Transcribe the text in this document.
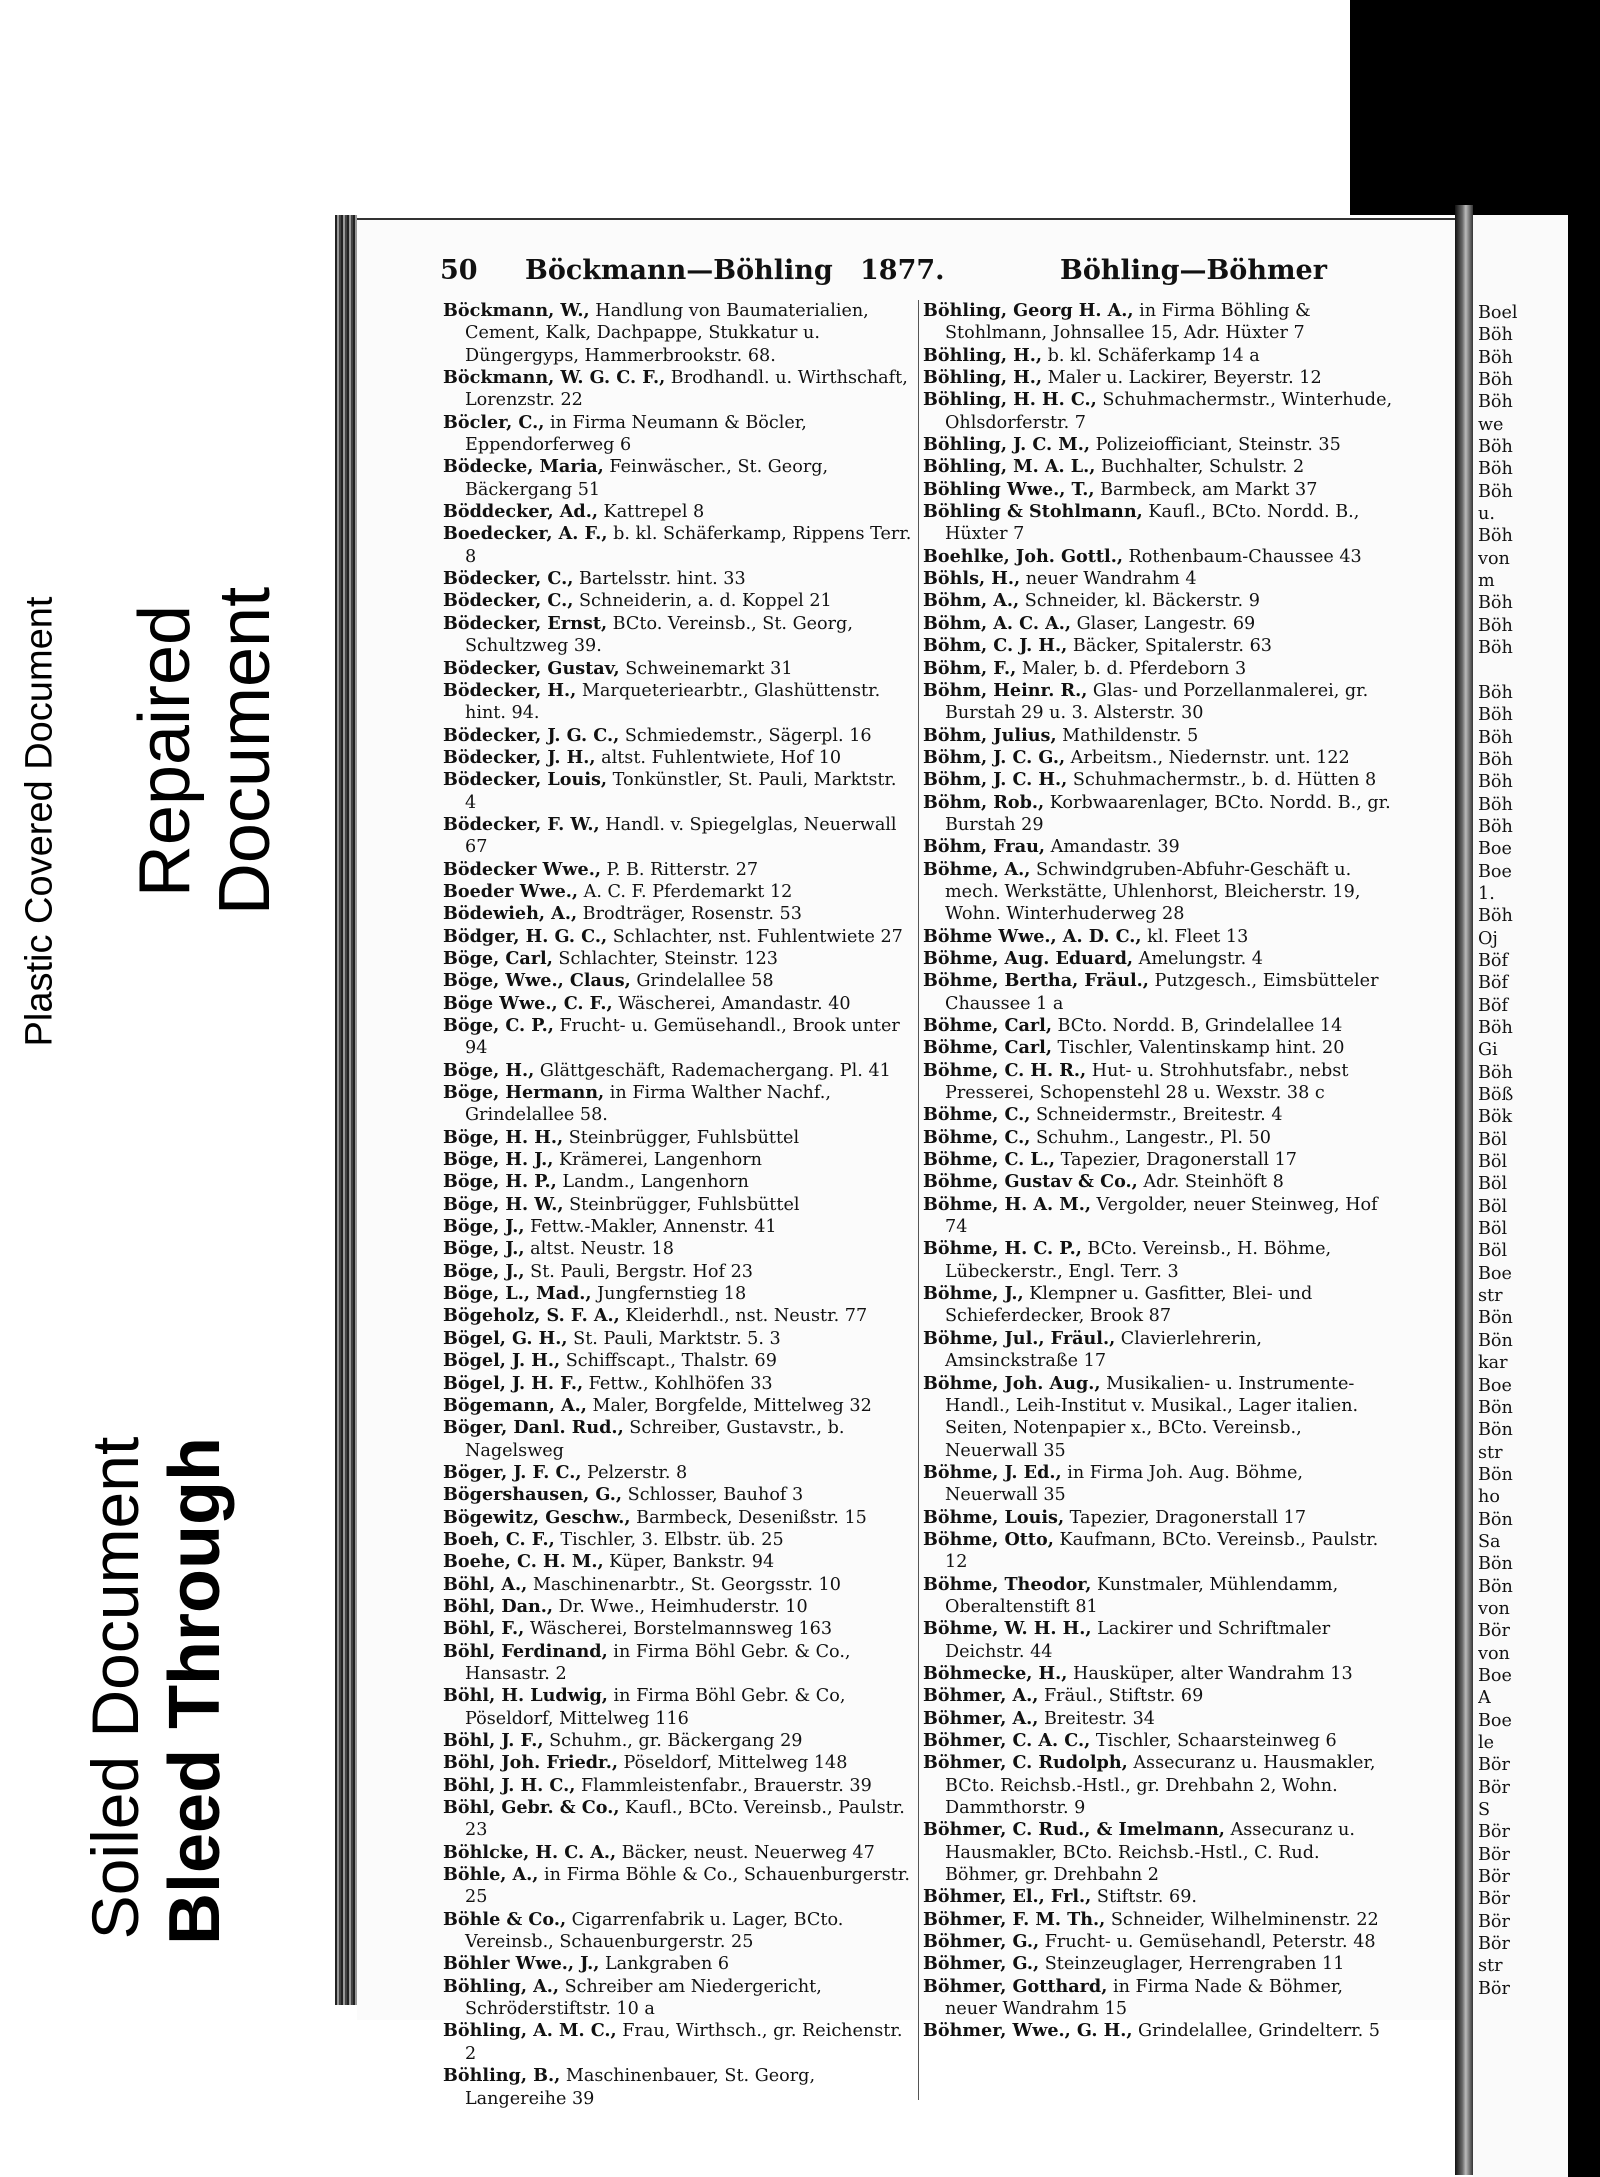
Plastic Covered Document Repaired Document
Soiled Document Bleed Through
50 Böckmann—Böhling 1877.	Böhling—Böhmer

Böckmann, W., Handlung von Baumaterialien, Cement, Kalk, Dachpappe, Stukkatur u. Düngergyps, Hammerbrookstr. 68.

Böckmann, W. G. C. F., Brodhandl. u. Wirthschaft, Lorenzstr. 22

Böcler, C., in Firma Neumann & Böcler, Eppendorferweg 6

Bödecke, Maria, Feinwäscher., St. Georg, Bäckergang 51

Böddecker, Ad., Kattrepel 8

Boedecker, A. F., b. kl. Schäferkamp, Rippens Terr. 8

Bödecker, C., Bartelsstr. hint. 33

Bödecker, C., Schneiderin, a. d. Koppel 21

Bödecker, Ernst, BCto. Vereinsb., St. Georg, Schultzweg 39.

Bödecker, Gustav, Schweinemarkt 31

Bödecker, H., Marqueteriearbtr., Glashüttenstr. hint. 94.

Bödecker, J. G. C., Schmiedemstr., Sägerpl. 16

Bödecker, J. H., altst. Fuhlentwiete, Hof 10

Bödecker, Louis, Tonkünstler, St. Pauli, Marktstr. 4

Bödecker, F. W., Handl. v. Spiegelglas, Neuerwall 67

Bödecker Wwe., P. B. Ritterstr. 27

Boeder Wwe., A. C. F. Pferdemarkt 12

Bödewieh, A., Brodträger, Rosenstr. 53

Bödger, H. G. C., Schlachter, nst. Fuhlentwiete 27

Böge, Carl, Schlachter, Steinstr. 123

Böge, Wwe., Claus, Grindelallee 58

Böge Wwe., C. F., Wäscherei, Amandastr. 40

Böge, C. P., Frucht- u. Gemüsehandl., Brook unter 94

Böge, H., Glättgeschäft, Rademachergang. Pl. 41

Böge, Hermann, in Firma Walther Nachf., Grindelallee 58.

Böge, H. H., Steinbrügger, Fuhlsbüttel

Böge, H. J., Krämerei, Langenhorn

Böge, H. P., Landm., Langenhorn

Böge, H. W., Steinbrügger, Fuhlsbüttel

Böge, J., Fettw.-Makler, Annenstr. 41

Böge, J., altst. Neustr. 18

Böge, J., St. Pauli, Bergstr. Hof 23

Böge, L., Mad., Jungfernstieg 18

Bögeholz, S. F. A., Kleiderhdl., nst. Neustr. 77

Bögel, G. H., St. Pauli, Marktstr. 5. 3

Bögel, J. H., Schiffscapt., Thalstr. 69

Bögel, J. H. F., Fettw., Kohlhöfen 33

Bögemann, A., Maler, Borgfelde, Mittelweg 32

Böger, Danl. Rud., Schreiber, Gustavstr., b. Nagelsweg

Böger, J. F. C., Pelzerstr. 8

Bögershausen, G., Schlosser, Bauhof 3

Bögewitz, Geschw., Barmbeck, Desenißstr. 15

Boeh, C. F., Tischler, 3. Elbstr. üb. 25

Boehe, C. H. M., Küper, Bankstr. 94

Böhl, A., Maschinenarbtr., St. Georgsstr. 10

Böhl, Dan., Dr. Wwe., Heimhuderstr. 10

Böhl, F., Wäscherei, Borstelmannsweg 163

Böhl, Ferdinand, in Firma Böhl Gebr. & Co., Hansastr. 2

Böhl, H. Ludwig, in Firma Böhl Gebr. & Co, Pöseldorf, Mittelweg 116

Böhl, J. F., Schuhm., gr. Bäckergang 29

Böhl, Joh. Friedr., Pöseldorf, Mittelweg 148

Böhl, J. H. C., Flammleistenfabr., Brauerstr. 39

Böhl, Gebr. & Co., Kaufl., BCto. Vereinsb., Paulstr. 23

Böhlcke, H. C. A., Bäcker, neust. Neuerweg 47

Böhle, A., in Firma Böhle & Co., Schauenburgerstr. 25

Böhle & Co., Cigarrenfabrik u. Lager, BCto. Vereinsb., Schauenburgerstr. 25

Böhler Wwe., J., Lankgraben 6

Böhling, A., Schreiber am Niedergericht, Schröderstiftstr. 10 a

Böhling, A. M. C., Frau, Wirthsch., gr. Reichenstr. 2

Böhling, B., Maschinenbauer, St. Georg, Langereihe 39

Böhling, Georg H. A., in Firma Böhling & Stohlmann, Johnsallee 15, Adr. Hüxter 7

Böhling, H., b. kl. Schäferkamp 14 a

Böhling, H., Maler u. Lackirer, Beyerstr. 12

Böhling, H. H. C., Schuhmachermstr., Winterhude, Ohlsdorferstr. 7

Böhling, J. C. M., Polizeiofficiant, Steinstr. 35

Böhling, M. A. L., Buchhalter, Schulstr. 2

Böhling Wwe., T., Barmbeck, am Markt 37

Böhling & Stohlmann, Kaufl., BCto. Nordd. B., Hüxter 7

Boehlke, Joh. Gottl., Rothenbaum-Chaussee 43

Böhls, H., neuer Wandrahm 4

Böhm, A., Schneider, kl. Bäckerstr. 9

Böhm, A. C. A., Glaser, Langestr. 69

Böhm, C. J. H., Bäcker, Spitalerstr. 63

Böhm, F., Maler, b. d. Pferdeborn 3

Böhm, Heinr. R., Glas- und Porzellanmalerei, gr. Burstah 29 u. 3. Alsterstr. 30

Böhm, Julius, Mathildenstr. 5

Böhm, J. C. G., Arbeitsm., Niedernstr. unt. 122

Böhm, J. C. H., Schuhmachermstr., b. d. Hütten 8

Böhm, Rob., Korbwaarenlager, BCto. Nordd. B., gr. Burstah 29

Böhm, Frau, Amandastr. 39

Böhme, A., Schwindgruben-Abfuhr-Geschäft u. mech. Werkstätte, Uhlenhorst, Bleicherstr. 19, Wohn. Winterhuderweg 28

Böhme Wwe., A. D. C., kl. Fleet 13

Böhme, Aug. Eduard, Amelungstr. 4

Böhme, Bertha, Fräul., Putzgesch., Eimsbütteler Chaussee 1 a

Böhme, Carl, BCto. Nordd. B, Grindelallee 14

Böhme, Carl, Tischler, Valentinskamp hint. 20

Böhme, C. H. R., Hut- u. Strohhutsfabr., nebst Presserei, Schopenstehl 28 u. Wexstr. 38 c

Böhme, C., Schneidermstr., Breitestr. 4

Böhme, C., Schuhm., Langestr., Pl. 50

Böhme, C. L., Tapezier, Dragonerstall 17

Böhme, Gustav & Co., Adr. Steinhöft 8

Böhme, H. A. M., Vergolder, neuer Steinweg, Hof 74

Böhme, H. C. P., BCto. Vereinsb., H. Böhme, Lübeckerstr., Engl. Terr. 3

Böhme, J., Klempner u. Gasfitter, Blei- und Schieferdecker, Brook 87

Böhme, Jul., Fräul., Clavierlehrerin, Amsinckstraße 17

Böhme, Joh. Aug., Musikalien- u. Instrumente-Handl., Leih-Institut v. Musikal., Lager italien. Seiten, Notenpapier x., BCto. Vereinsb., Neuerwall 35

Böhme, J. Ed., in Firma Joh. Aug. Böhme, Neuerwall 35

Böhme, Louis, Tapezier, Dragonerstall 17

Böhme, Otto, Kaufmann, BCto. Vereinsb., Paulstr. 12

Böhme, Theodor, Kunstmaler, Mühlendamm, Oberaltenstift 81

Böhme, W. H. H., Lackirer und Schriftmaler Deichstr. 44

Böhmecke, H., Hausküper, alter Wandrahm 13

Böhmer, A., Fräul., Stiftstr. 69

Böhmer, A., Breitestr. 34

Böhmer, C. A. C., Tischler, Schaarsteinweg 6

Böhmer, C. Rudolph, Assecuranz u. Hausmakler, BCto. Reichsb.-Hstl., gr. Drehbahn 2, Wohn. Dammthorstr. 9

Böhmer, C. Rud., & Imelmann, Assecuranz u. Hausmakler, BCto. Reichsb.-Hstl., C. Rud. Böhmer, gr. Drehbahn 2

Böhmer, El., Frl., Stiftstr. 69.

Böhmer, F. M. Th., Schneider, Wilhelminenstr. 22

Böhmer, G., Frucht- u. Gemüsehandl, Peterstr. 48

Böhmer, G., Steinzeuglager, Herrengraben 11

Böhmer, Gotthard, in Firma Nade & Böhmer, neuer Wandrahm 15

Böhmer, Wwe., G. H., Grindelallee, Grindelterr. 5

Boel
Böh
Böh
Böh
Böh
we
Böh
Böh
Böh
u.
Böh
von
m
Böh
Böh
Böh

Böh
Böh
Böh
Böh
Böh
Böh
Böh
Boe
Boe
1.
Böh
Oj
Böf
Böf
Böf
Böh
Gi
Böh
Böß
Bök
Böl
Böl
Böl
Böl
Böl
Böl
Boe
str
Bön
Bön
kar
Boe
Bön
Bön
str
Bön
ho
Bön
Sa
Bön
Bön
von
Bör
von
Boe
A
Boe
le
Bör
Bör
S
Bör
Bör
Bör
Bör
Bör
Bör
str
Bör
